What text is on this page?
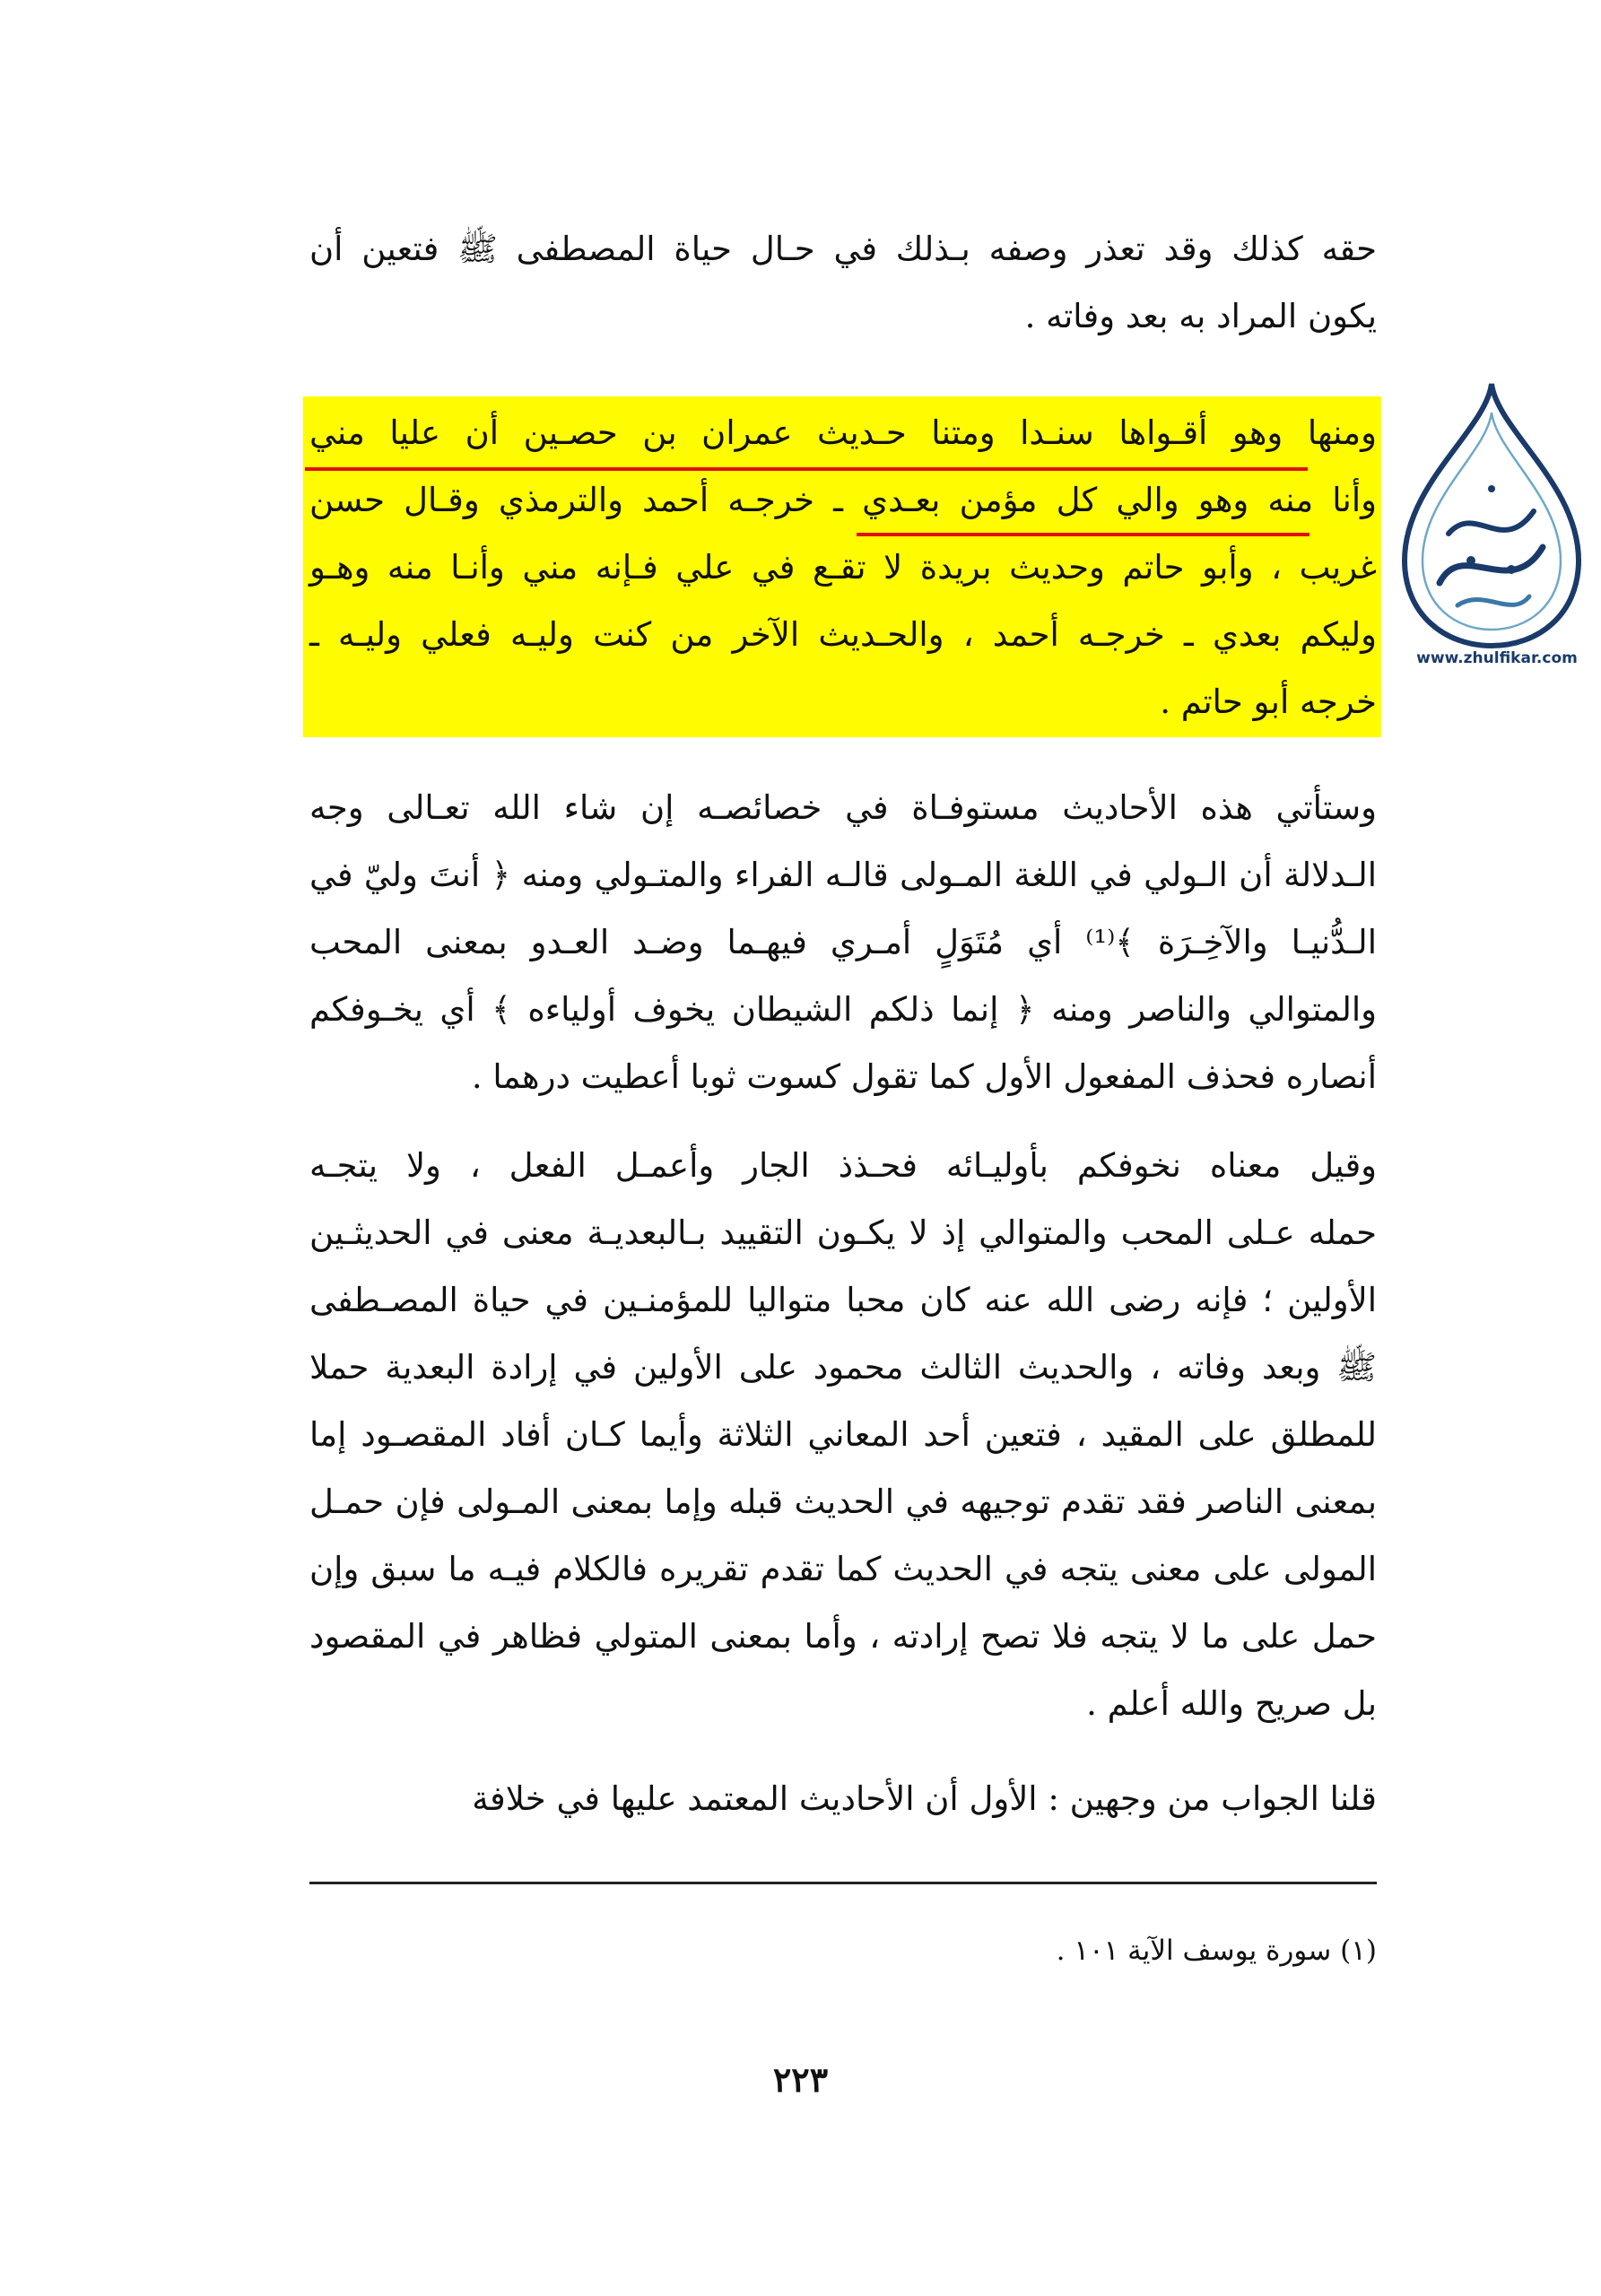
حقه كذلك وقد تعذر وصفه بـذلك في حـال حياة المصطفى ﷺ فتعين أن
يكون المراد به بعد وفاته .

ومنها وهو أقـواها سنـدا ومتنا حـديث عمران بن حصـين أن عليا مني
وأنا منه وهو والي كل مؤمن بعـدي ـ خرجـه أحمد والترمذي وقـال حسن
غريب ، وأبو حاتم وحديث بريدة لا تقـع في علي فـإنه مني وأنـا منه وهـو
وليكم بعدي ـ خرجـه أحمد ، والحـديث الآخر من كنت وليـه فعلي وليـه ـ
خرجه أبو حاتم .

وستأتي هذه الأحاديث مستوفـاة في خصائصـه إن شاء الله تعـالى وجه
الـدلالة أن الـولي في اللغة المـولى قالـه الفراء والمتـولي ومنه ﴿ أنتَ وليّ في
الـدُّنيـا والآخِـرَة ﴾⁽¹⁾ أي مُتَوَلٍ أمـري فيهـما وضـد العـدو بمعنى المحب
والمتوالي والناصر ومنه ﴿ إنما ذلكم الشيطان يخوف أولياءه ﴾ أي يخـوفكم
أنصاره فحذف المفعول الأول كما تقول كسوت ثوبا أعطيت درهما .

وقيل معناه نخوفكم بأوليـائه فحـذذ الجار وأعمـل الفعل ، ولا يتجـه
حمله عـلى المحب والمتوالي إذ لا يكـون التقييد بـالبعديـة معنى في الحديثـين
الأولين ؛ فإنه رضى الله عنه كان محبا متواليا للمؤمنـين في حياة المصـطفى
ﷺ وبعد وفاته ، والحديث الثالث محمود على الأولين في إرادة البعدية حملا
للمطلق على المقيد ، فتعين أحد المعاني الثلاثة وأيما كـان أفاد المقصـود إما
بمعنى الناصر فقد تقدم توجيهه في الحديث قبله وإما بمعنى المـولى فإن حمـل
المولى على معنى يتجه في الحديث كما تقدم تقريره فالكلام فيـه ما سبق وإن
حمل على ما لا يتجه فلا تصح إرادته ، وأما بمعنى المتولي فظاهر في المقصود
بل صريح والله أعلم .

قلنا الجواب من وجهين : الأول أن الأحاديث المعتمد عليها في خلافة

(١) سورة يوسف الآية ١٠١ .
٢٢٣
ذو الفقار المعرفي
www.zhulfikar.com
